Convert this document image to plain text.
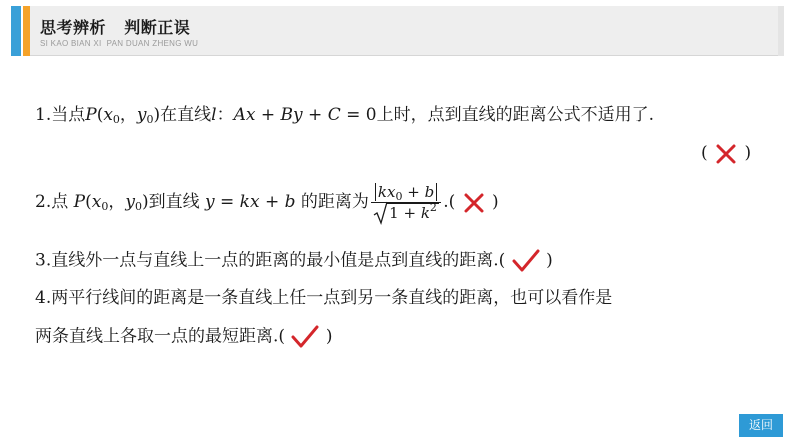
思考辨析   判断正误
SI KAO BIAN XI  PAN DUAN ZHENG WU
1.当点$P(x_0$，$y_0$)在直线l：Ax + By + C = 0上时，点到直线的距离公式不适用了.
( )
2.点 $P(x_0$，$y_0$)到直线 y = kx + b 的距离为 $\frac{kx_0 + b}{1 + k^2}$ .( )
3.直线外一点与直线上一点的距离的最小值是点到直线的距离.( )
4.两平行线间的距离是一条直线上任一点到另一条直线的距离，也可以看作是
两条直线上各取一点的最短距离.( )
返回
